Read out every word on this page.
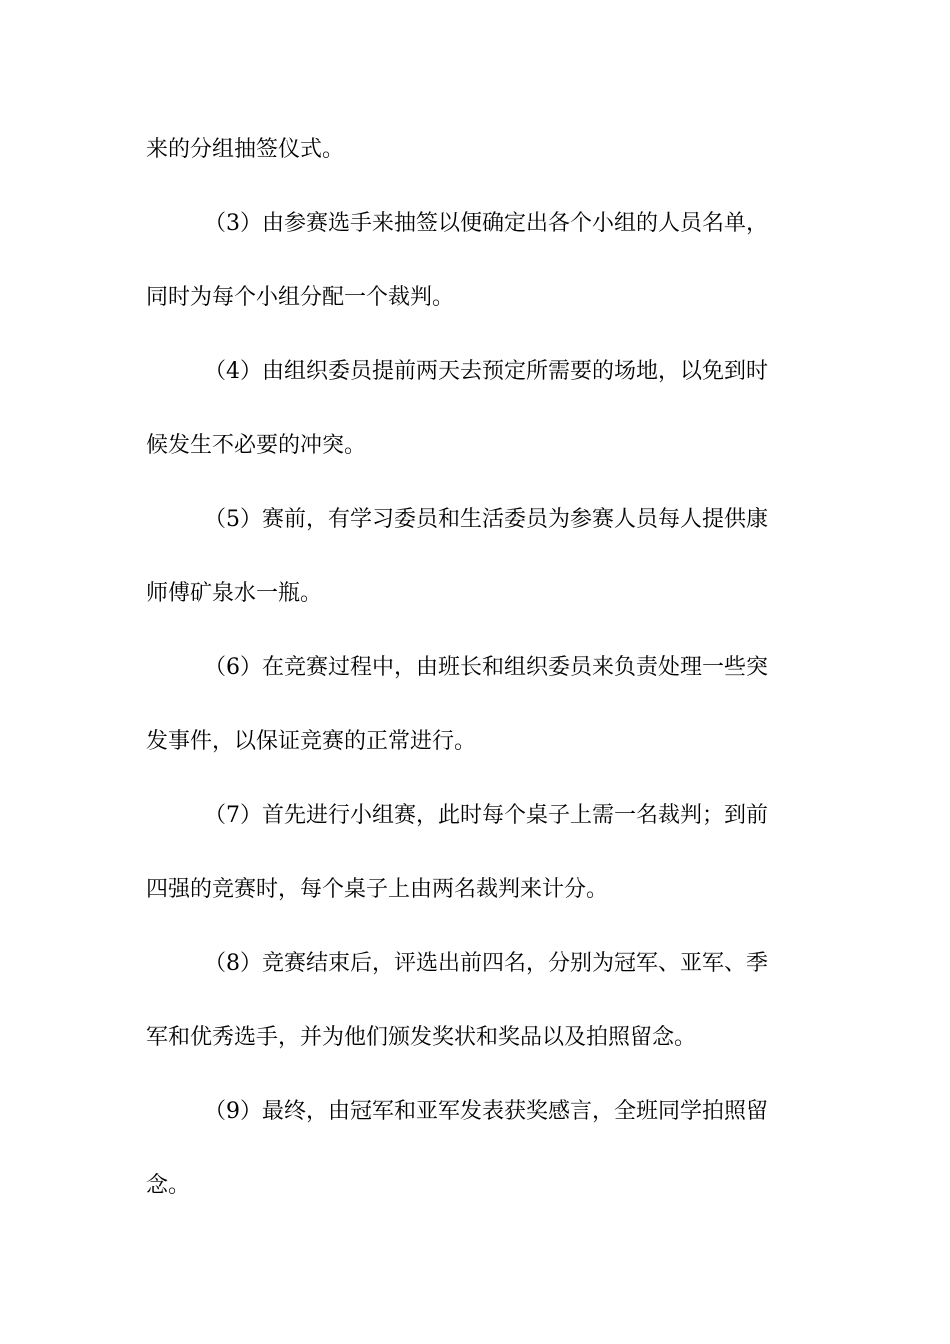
来的分组抽签仪式。
（3）由参赛选手来抽签以便确定出各个小组的人员名单，
同时为每个小组分配一个裁判。
（4）由组织委员提前两天去预定所需要的场地，以免到时
候发生不必要的冲突。
（5）赛前，有学习委员和生活委员为参赛人员每人提供康
师傅矿泉水一瓶。
（6）在竞赛过程中，由班长和组织委员来负责处理一些突
发事件，以保证竞赛的正常进行。
（7）首先进行小组赛，此时每个桌子上需一名裁判；到前
四强的竞赛时，每个桌子上由两名裁判来计分。
（8）竞赛结束后，评选出前四名，分别为冠军、亚军、季
军和优秀选手，并为他们颁发奖状和奖品以及拍照留念。
（9）最终，由冠军和亚军发表获奖感言，全班同学拍照留
念。
